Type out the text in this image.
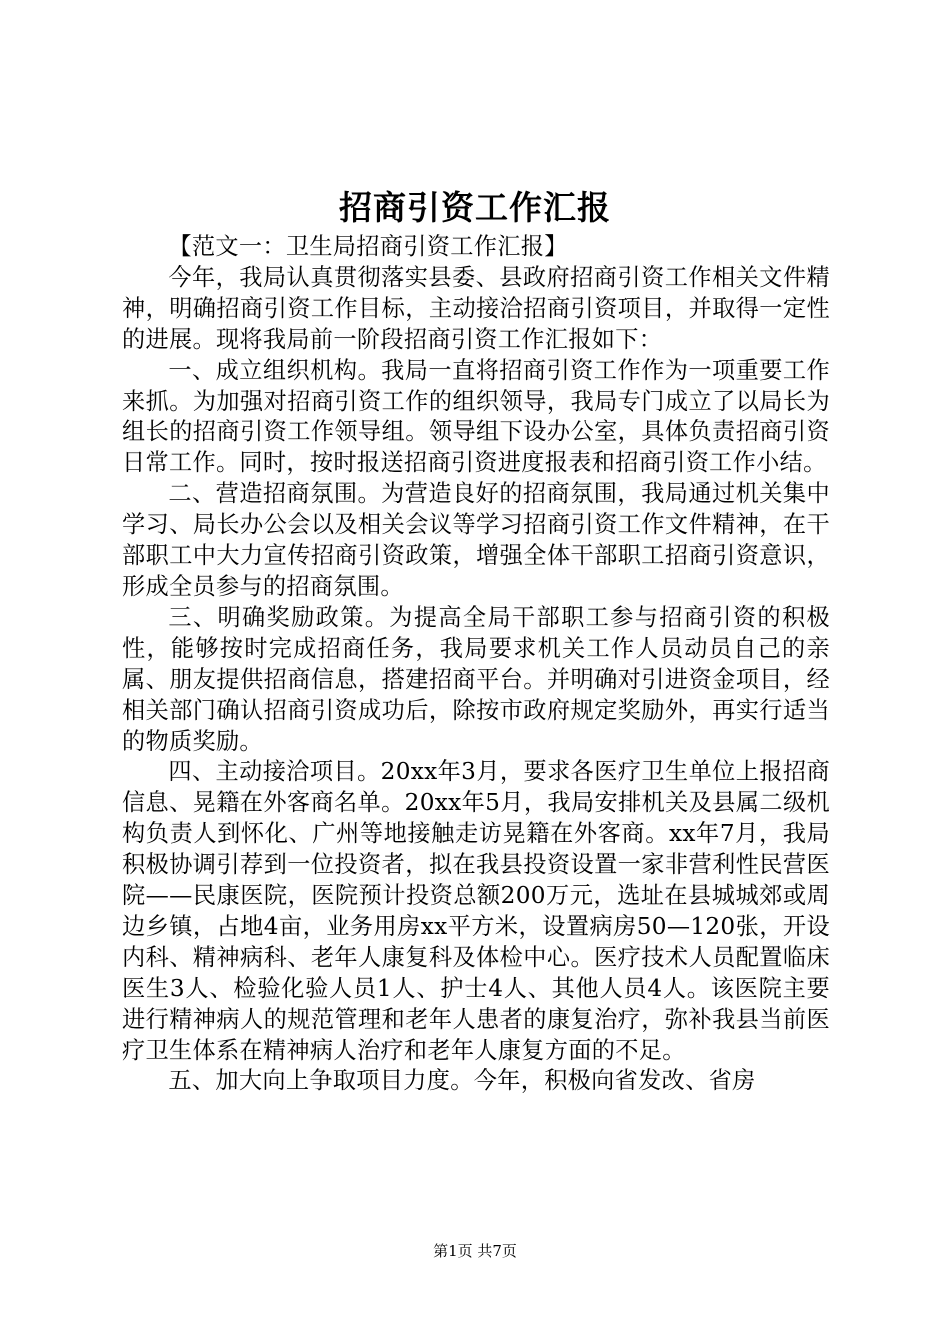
招商引资工作汇报

【范文一：卫生局招商引资工作汇报】

今年，我局认真贯彻落实县委、县政府招商引资工作相关文件精神，明确招商引资工作目标，主动接洽招商引资项目，并取得一定性的进展。现将我局前一阶段招商引资工作汇报如下：

一、成立组织机构。我局一直将招商引资工作作为一项重要工作来抓。为加强对招商引资工作的组织领导，我局专门成立了以局长为组长的招商引资工作领导组。领导组下设办公室，具体负责招商引资日常工作。同时，按时报送招商引资进度报表和招商引资工作小结。

二、营造招商氛围。为营造良好的招商氛围，我局通过机关集中学习、局长办公会以及相关会议等学习招商引资工作文件精神，在干部职工中大力宣传招商引资政策，增强全体干部职工招商引资意识，形成全员参与的招商氛围。

三、明确奖励政策。为提高全局干部职工参与招商引资的积极性，能够按时完成招商任务，我局要求机关工作人员动员自己的亲属、朋友提供招商信息，搭建招商平台。并明确对引进资金项目，经相关部门确认招商引资成功后，除按市政府规定奖励外，再实行适当的物质奖励。

四、主动接洽项目。20xx年3月，要求各医疗卫生单位上报招商信息、晃籍在外客商名单。20xx年5月，我局安排机关及县属二级机构负责人到怀化、广州等地接触走访晃籍在外客商。xx年7月，我局积极协调引荐到一位投资者，拟在我县投资设置一家非营利性民营医院——民康医院，医院预计投资总额200万元，选址在县城城郊或周边乡镇，占地4亩，业务用房xx平方米，设置病房50—120张，开设内科、精神病科、老年人康复科及体检中心。医疗技术人员配置临床医生3人、检验化验人员1人、护士4人、其他人员4人。该医院主要进行精神病人的规范管理和老年人患者的康复治疗，弥补我县当前医疗卫生体系在精神病人治疗和老年人康复方面的不足。

五、加大向上争取项目力度。今年，积极向省发改、省房

第1页 共7页
